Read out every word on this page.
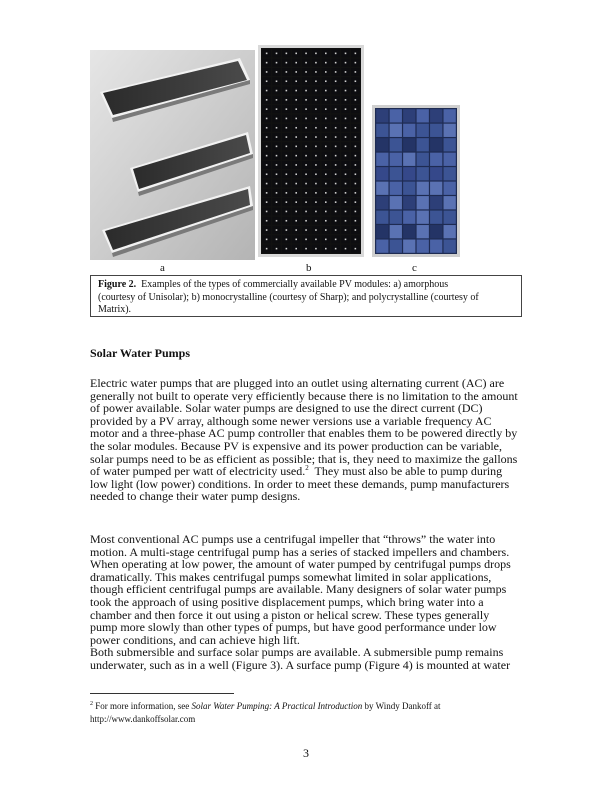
a	b	c
Figure 2. Examples of the types of commercially available PV modules: a) amorphous
(courtesy of Unisolar); b) monocrystalline (courtesy of Sharp); and polycrystalline (courtesy of
Matrix).
Solar Water Pumps
Electric water pumps that are plugged into an outlet using alternating current (AC) are
generally not built to operate very efficiently because there is no limitation to the amount
of power available. Solar water pumps are designed to use the direct current (DC)
provided by a PV array, although some newer versions use a variable frequency AC
motor and a three-phase AC pump controller that enables them to be powered directly by
the solar modules. Because PV is expensive and its power production can be variable,
solar pumps need to be as efficient as possible; that is, they need to maximize the gallons
of water pumped per watt of electricity used.$^2$  They must also be able to pump during
low light (low power) conditions. In order to meet these demands, pump manufacturers
needed to change their water pump designs.
Most conventional AC pumps use a centrifugal impeller that “throws” the water into
motion. A multi-stage centrifugal pump has a series of stacked impellers and chambers.
When operating at low power, the amount of water pumped by centrifugal pumps drops
dramatically. This makes centrifugal pumps somewhat limited in solar applications,
though efficient centrifugal pumps are available. Many designers of solar water pumps
took the approach of using positive displacement pumps, which bring water into a
chamber and then force it out using a piston or helical screw. These types generally
pump more slowly than other types of pumps, but have good performance under low
power conditions, and can achieve high lift.
Both submersible and surface solar pumps are available. A submersible pump remains
underwater, such as in a well (Figure 3). A surface pump (Figure 4) is mounted at water
$^2$ For more information, see Solar Water Pumping: A Practical Introduction by Windy Dankoff at
http://www.dankoffsolar.com
3
